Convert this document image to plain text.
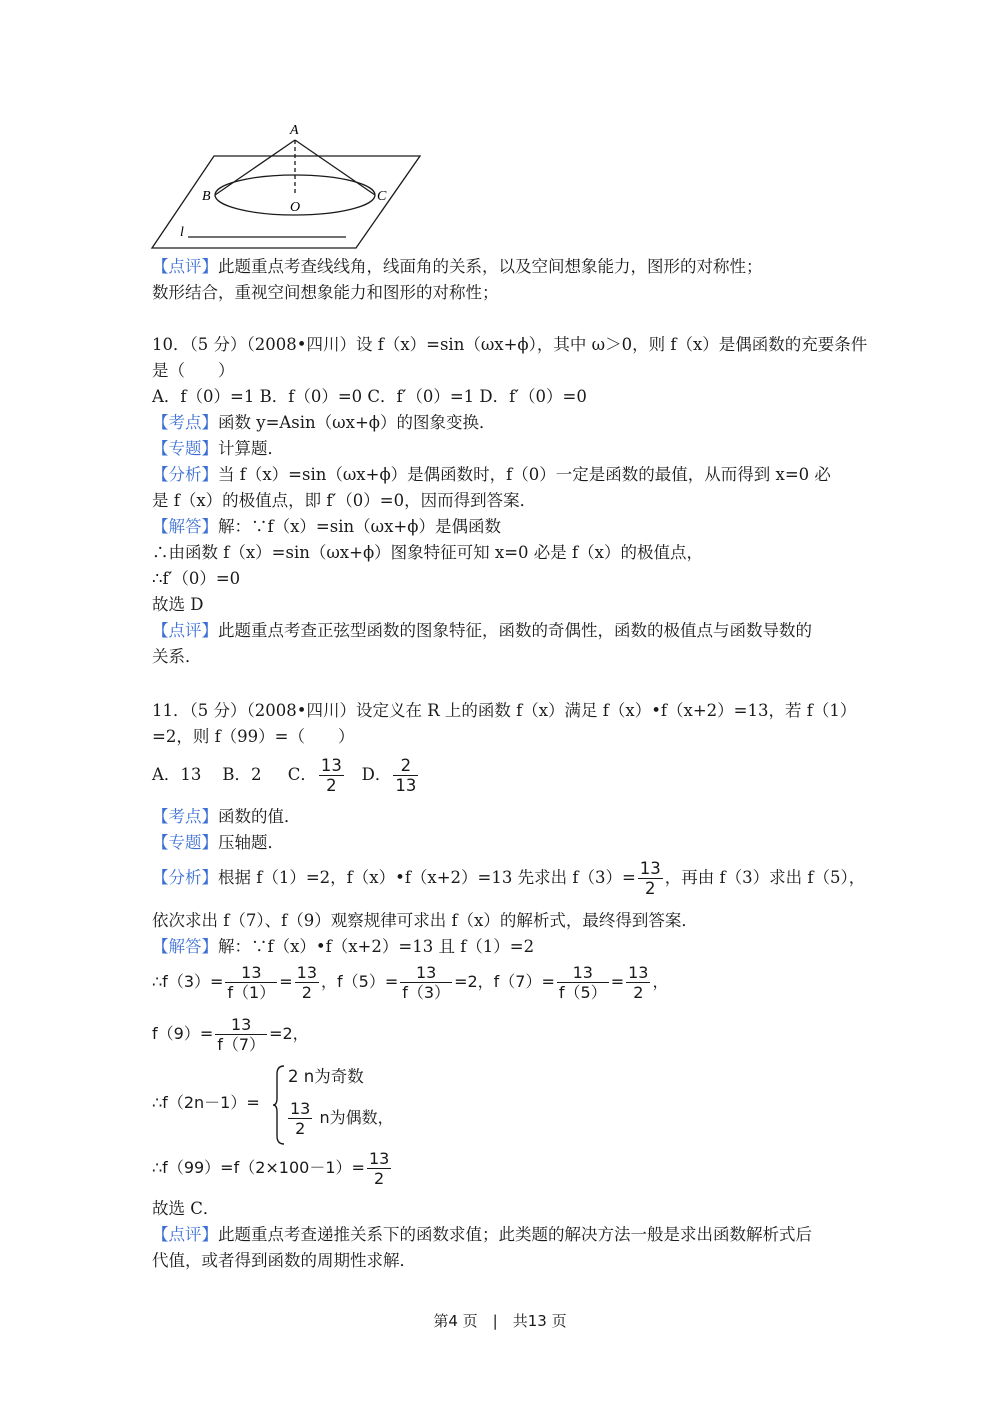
A
B	C
O
l
【点评】此题重点考查线线角，线面角的关系，以及空间想象能力，图形的对称性；
数形结合，重视空间想象能力和图形的对称性；
10．（5 分）（2008•四川）设 f（x）=sin（ωx+ϕ），其中 ω＞0，则 f（x）是偶函数的充要条件
是（　　）
A．f（0）=1 B．f（0）=0 C．f′（0）=1 D．f′（0）=0
【考点】函数 y=Asin（ωx+ϕ）的图象变换．
【专题】计算题．
【分析】当 f（x）=sin（ωx+ϕ）是偶函数时，f（0）一定是函数的最值，从而得到 x=0 必
是 f（x）的极值点，即 f′（0）=0，因而得到答案．
【解答】解：∵f（x）=sin（ωx+ϕ）是偶函数
∴由函数 f（x）=sin（ωx+ϕ）图象特征可知 x=0 必是 f（x）的极值点，
∴f′（0）=0
故选 D
【点评】此题重点考查正弦型函数的图象特征，函数的奇偶性，函数的极值点与函数导数的
关系．
11．（5 分）（2008•四川）设定义在 R 上的函数 f（x）满足 f（x）•f（x+2）=13，若 f（1）
=2，则 f（99）=（　　）
A．13 B．2 C． $\frac{13}{2}$ D． $\frac{2}{13}$
【考点】函数的值．
【专题】压轴题．
【分析】根据 f（1）=2，f（x）•f（x+2）=13 先求出 $f(3)= \frac{13}{2}$ ，再由 f（3）求出 f（5），
依次求出 f（7）、f（9）观察规律可求出 f（x）的解析式，最终得到答案．
【解答】解：∵f（x）•f（x+2）=13 且 f（1）=2
∴f（3）= $\frac{13}{f(1)} = \frac{13}{2}$ ，$f(5)= \frac{13}{f(3)} =2$，$f(7)= \frac{13}{f(5)} = \frac{13}{2}$ ，
$f(9)= \frac{13}{f(7)} =2$，
∴f（2n－1）=
2 n为奇数
$\frac{13}{2}$ n为偶数，
∴f（99）=f（2×100－1）= $\frac{13}{2}$
故选 C．
【点评】此题重点考查递推关系下的函数求值；此类题的解决方法一般是求出函数解析式后
代值，或者得到函数的周期性求解．
第4 页　|　共13 页
